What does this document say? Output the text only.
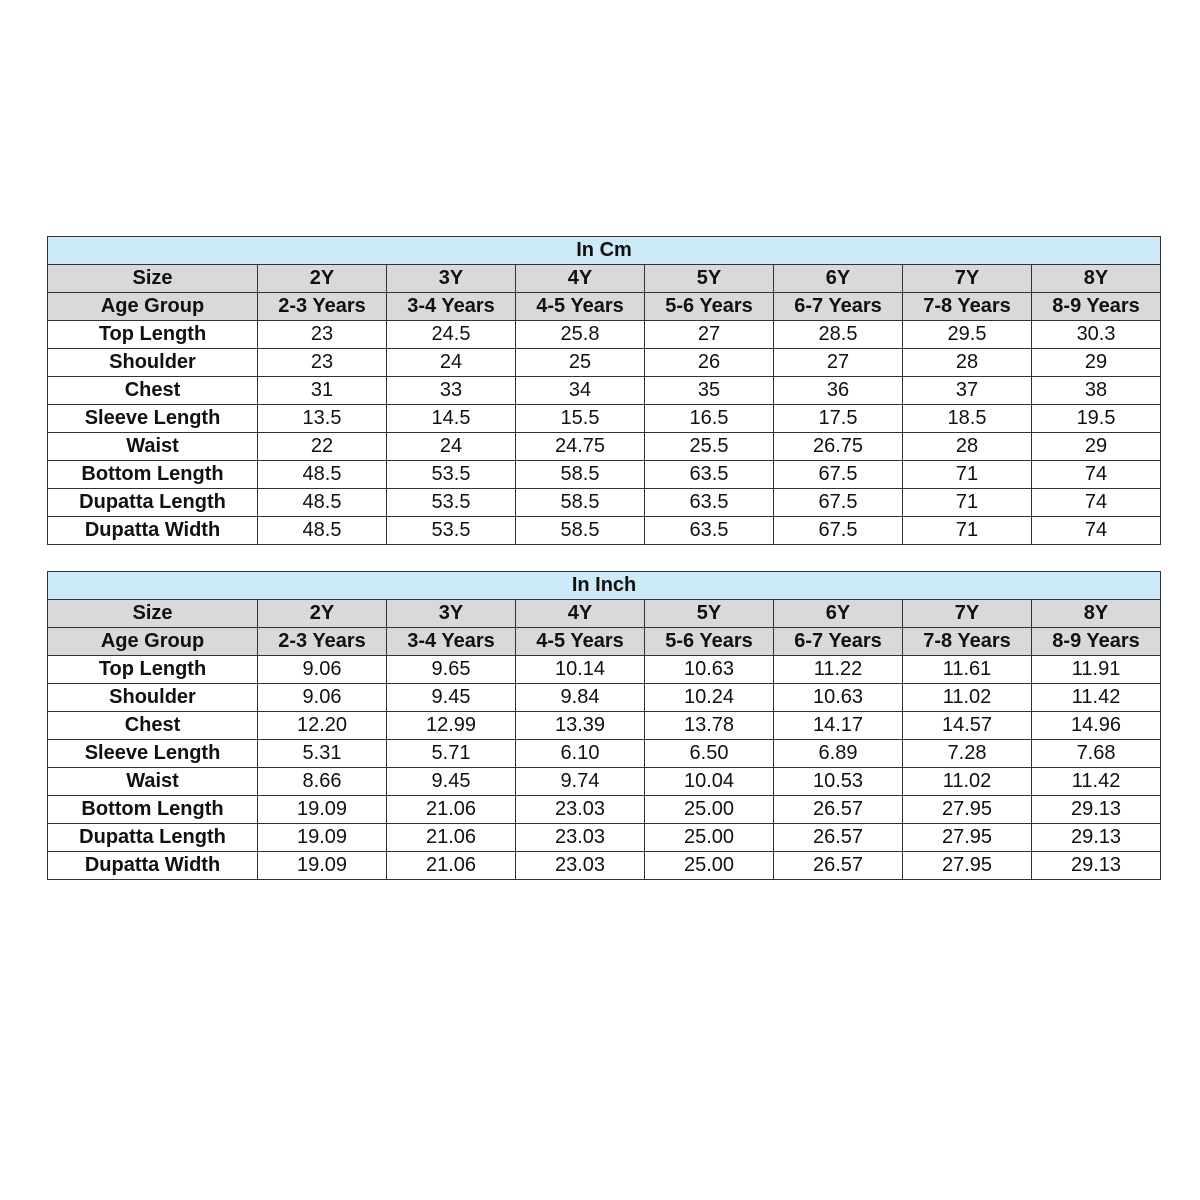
In Cm							
Size	2Y	3Y	4Y	5Y	6Y	7Y	8Y
Age Group	2-3 Years	3-4 Years	4-5 Years	5-6 Years	6-7 Years	7-8 Years	8-9 Years
Top Length	23	24.5	25.8	27	28.5	29.5	30.3
Shoulder	23	24	25	26	27	28	29
Chest	31	33	34	35	36	37	38
Sleeve Length	13.5	14.5	15.5	16.5	17.5	18.5	19.5
Waist	22	24	24.75	25.5	26.75	28	29
Bottom Length	48.5	53.5	58.5	63.5	67.5	71	74
Dupatta Length	48.5	53.5	58.5	63.5	67.5	71	74
Dupatta Width	48.5	53.5	58.5	63.5	67.5	71	74
In Inch							
Size	2Y	3Y	4Y	5Y	6Y	7Y	8Y
Age Group	2-3 Years	3-4 Years	4-5 Years	5-6 Years	6-7 Years	7-8 Years	8-9 Years
Top Length	9.06	9.65	10.14	10.63	11.22	11.61	11.91
Shoulder	9.06	9.45	9.84	10.24	10.63	11.02	11.42
Chest	12.20	12.99	13.39	13.78	14.17	14.57	14.96
Sleeve Length	5.31	5.71	6.10	6.50	6.89	7.28	7.68
Waist	8.66	9.45	9.74	10.04	10.53	11.02	11.42
Bottom Length	19.09	21.06	23.03	25.00	26.57	27.95	29.13
Dupatta Length	19.09	21.06	23.03	25.00	26.57	27.95	29.13
Dupatta Width	19.09	21.06	23.03	25.00	26.57	27.95	29.13
